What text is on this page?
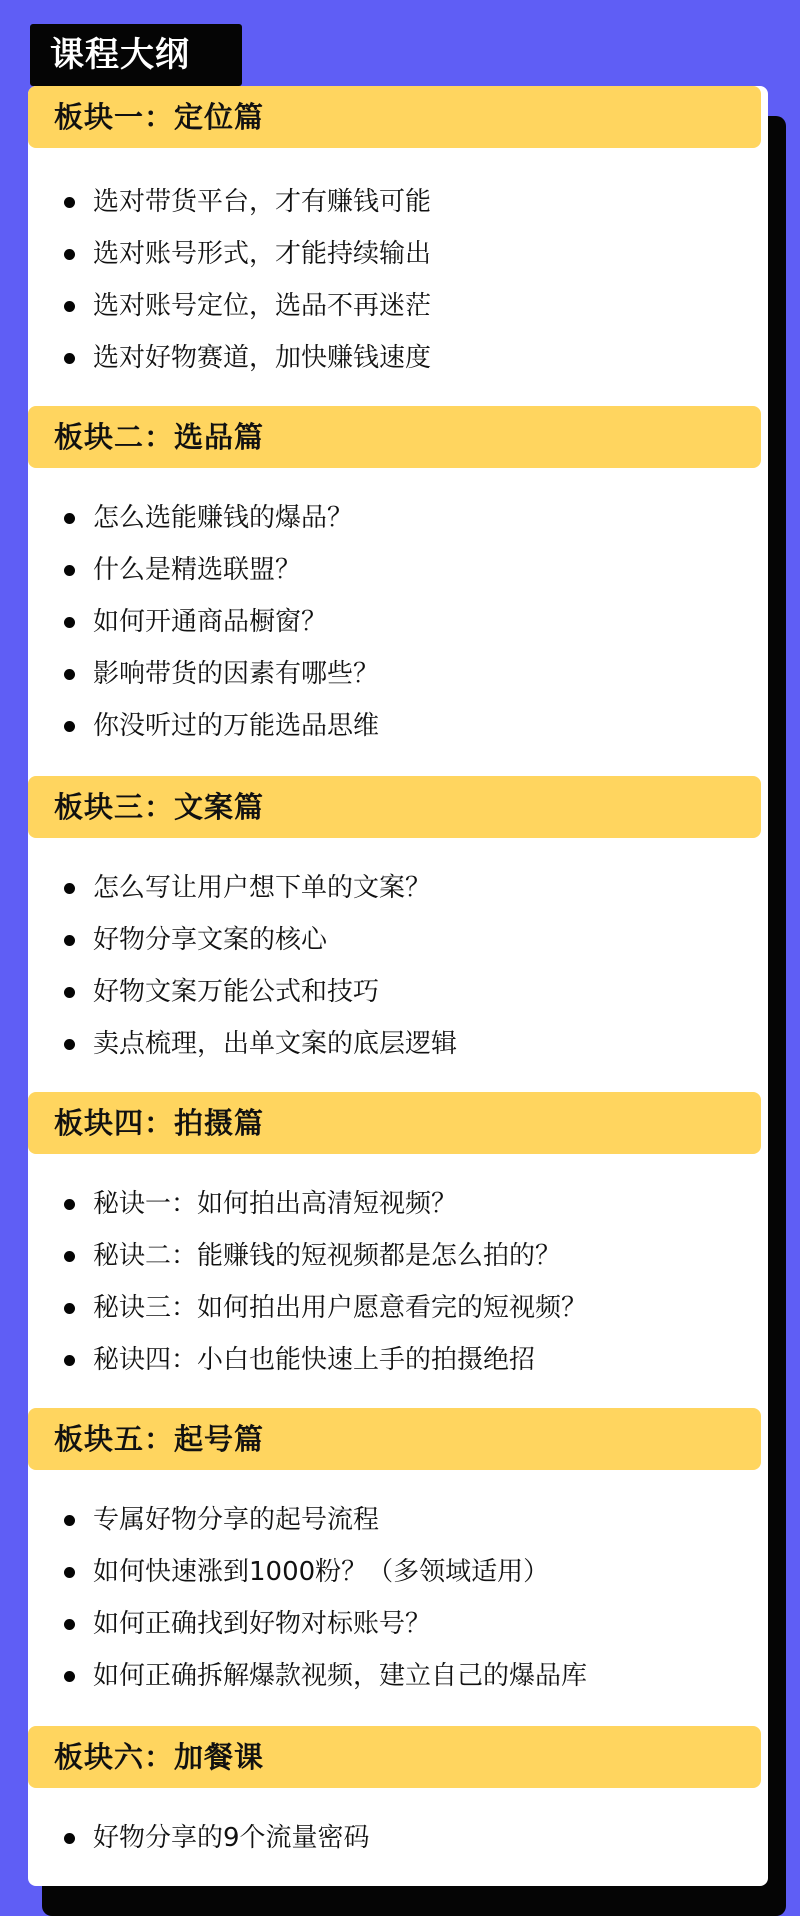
课程大纲
板块一：定位篇
选对带货平台，才有赚钱可能
选对账号形式，才能持续输出
选对账号定位，选品不再迷茫
选对好物赛道，加快赚钱速度
板块二：选品篇
怎么选能赚钱的爆品？
什么是精选联盟？
如何开通商品橱窗？
影响带货的因素有哪些？
你没听过的万能选品思维
板块三：文案篇
怎么写让用户想下单的文案？
好物分享文案的核心
好物文案万能公式和技巧
卖点梳理，出单文案的底层逻辑
板块四：拍摄篇
秘诀一：如何拍出高清短视频？
秘诀二：能赚钱的短视频都是怎么拍的？
秘诀三：如何拍出用户愿意看完的短视频？
秘诀四：小白也能快速上手的拍摄绝招
板块五：起号篇
专属好物分享的起号流程
如何快速涨到1000粉？（多领域适用）
如何正确找到好物对标账号？
如何正确拆解爆款视频，建立自己的爆品库
板块六：加餐课
好物分享的9个流量密码
